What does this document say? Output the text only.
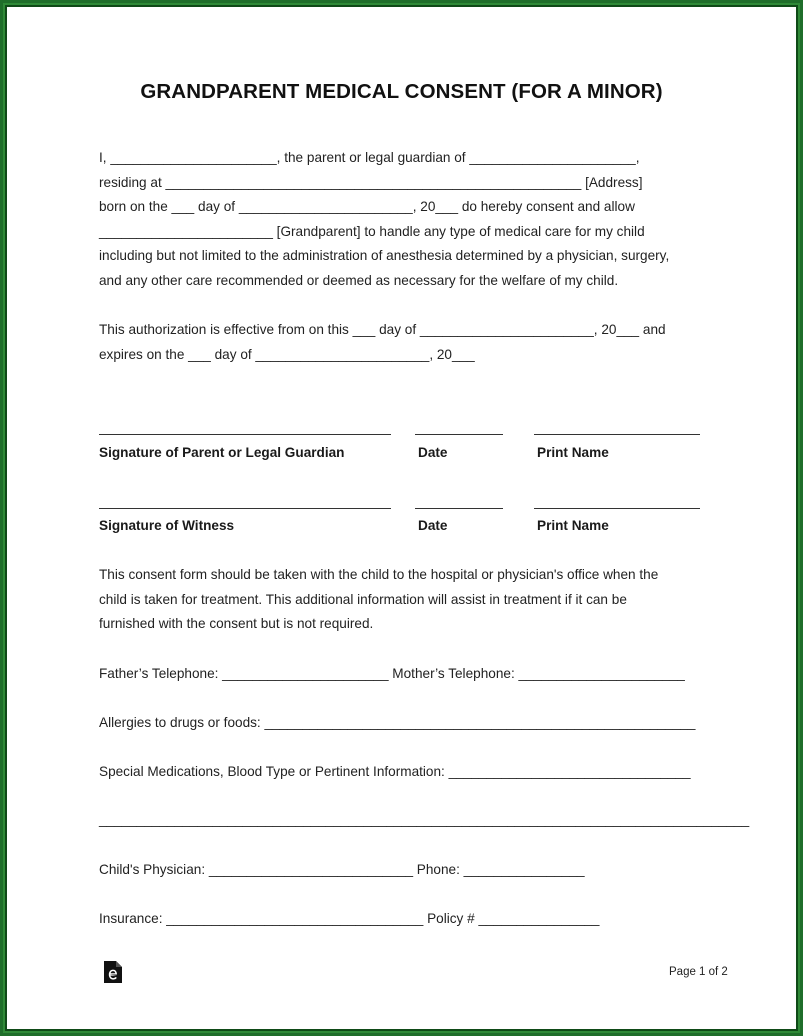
GRANDPARENT MEDICAL CONSENT (FOR A MINOR)
I, ______________________, the parent or legal guardian of ______________________,
residing at _______________________________________________________ [Address]
born on the ___ day of _______________________, 20___ do hereby consent and allow
_______________________ [Grandparent] to handle any type of medical care for my child
including but not limited to the administration of anesthesia determined by a physician, surgery,
and any other care recommended or deemed as necessary for the welfare of my child.
This authorization is effective from on this ___ day of _______________________, 20___ and
expires on the ___ day of _______________________, 20___
Signature of Parent or Legal Guardian	Date	Print Name
Signature of Witness	Date	Print Name
This consent form should be taken with the child to the hospital or physician's office when the
child is taken for treatment. This additional information will assist in treatment if it can be
furnished with the consent but is not required.
Father’s Telephone: ______________________ Mother’s Telephone: ______________________
Allergies to drugs or foods: _________________________________________________________
Special Medications, Blood Type or Pertinent Information: ________________________________
______________________________________________________________________________________
Child's Physician: ___________________________ Phone: ________________
Insurance: __________________________________ Policy # ________________
Page 1 of 2
